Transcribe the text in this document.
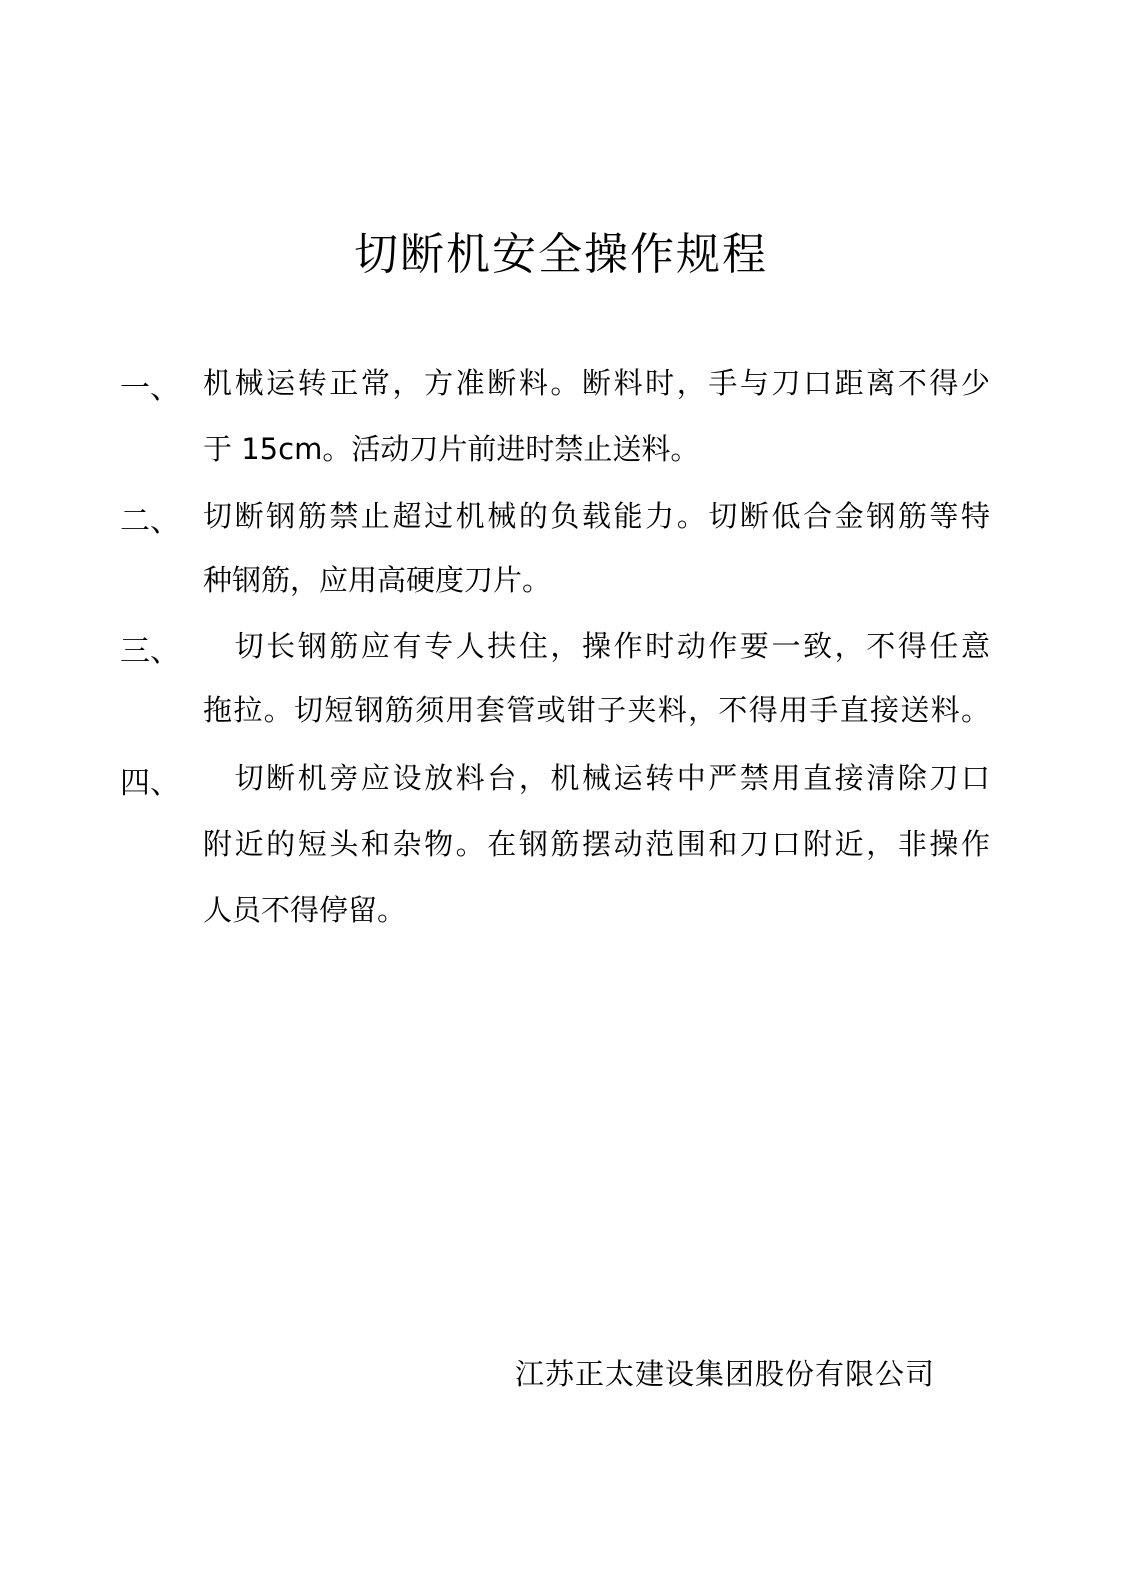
切断机安全操作规程
一、 机械运转正常，方准断料。断料时，手与刀口距离不得少
于 15cm。活动刀片前进时禁止送料。
二、 切断钢筋禁止超过机械的负载能力。切断低合金钢筋等特
种钢筋，应用高硬度刀片。
三、 　切长钢筋应有专人扶住，操作时动作要一致，不得任意
拖拉。切短钢筋须用套管或钳子夹料，不得用手直接送料。
四、 　切断机旁应设放料台，机械运转中严禁用直接清除刀口
附近的短头和杂物。在钢筋摆动范围和刀口附近，非操作
人员不得停留。
江苏正太建设集团股份有限公司
